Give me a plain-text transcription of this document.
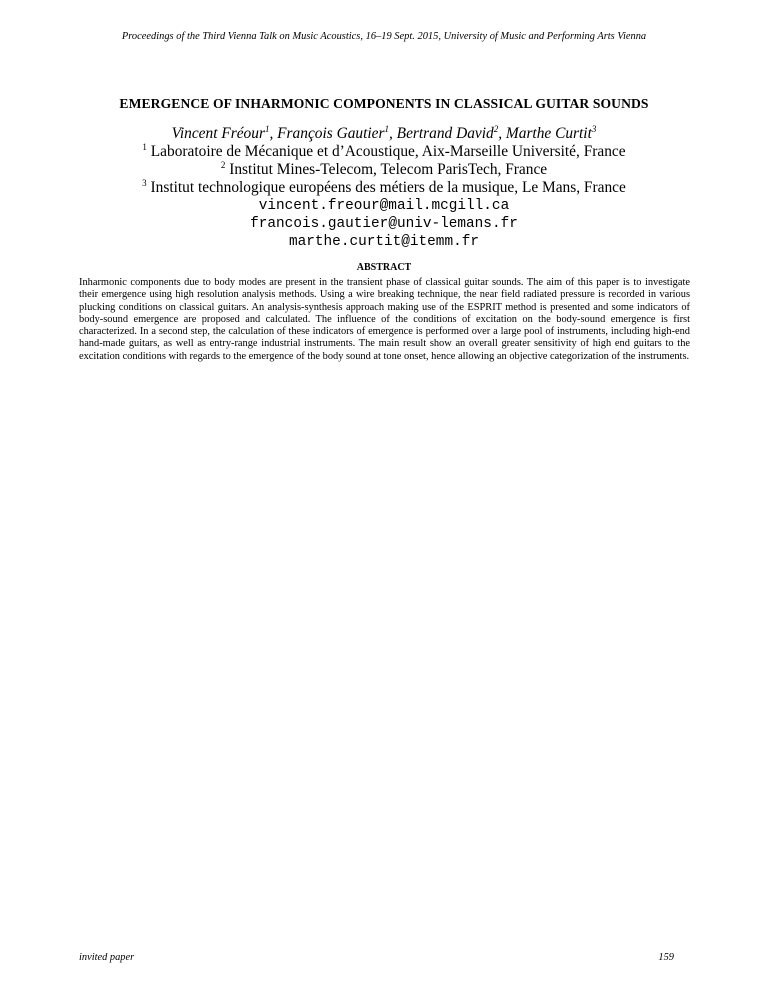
Proceedings of the Third Vienna Talk on Music Acoustics, 16–19 Sept. 2015, University of Music and Performing Arts Vienna
EMERGENCE OF INHARMONIC COMPONENTS IN CLASSICAL GUITAR SOUNDS
Vincent Fréour$^1$, François Gautier$^1$, Bertrand David$^2$, Marthe Curtit$^3$
$^1$ Laboratoire de Mécanique et d’Acoustique, Aix-Marseille Université, France
$^2$ Institut Mines-Telecom, Telecom ParisTech, France
$^3$ Institut technologique européens des métiers de la musique, Le Mans, France
vincent.freour@mail.mcgill.ca
francois.gautier@univ-lemans.fr
marthe.curtit@itemm.fr
ABSTRACT
Inharmonic components due to body modes are present in the transient phase of classical guitar sounds. The aim of this paper is to investigate their emergence using high resolution analysis methods. Using a wire breaking technique, the near field radiated pressure is recorded in various plucking conditions on classical guitars. An analysis-synthesis approach making use of the ESPRIT method is presented and some indicators of body-sound emergence are proposed and calculated. The influence of the conditions of excitation on the body-sound emergence is first characterized. In a second step, the calculation of these indicators of emergence is performed over a large pool of instruments, including high-end hand-made guitars, as well as entry-range industrial instruments. The main result show an overall greater sensitivity of high end guitars to the excitation conditions with regards to the emergence of the body sound at tone onset, hence allowing an objective categorization of the instruments.
invited paper	159
